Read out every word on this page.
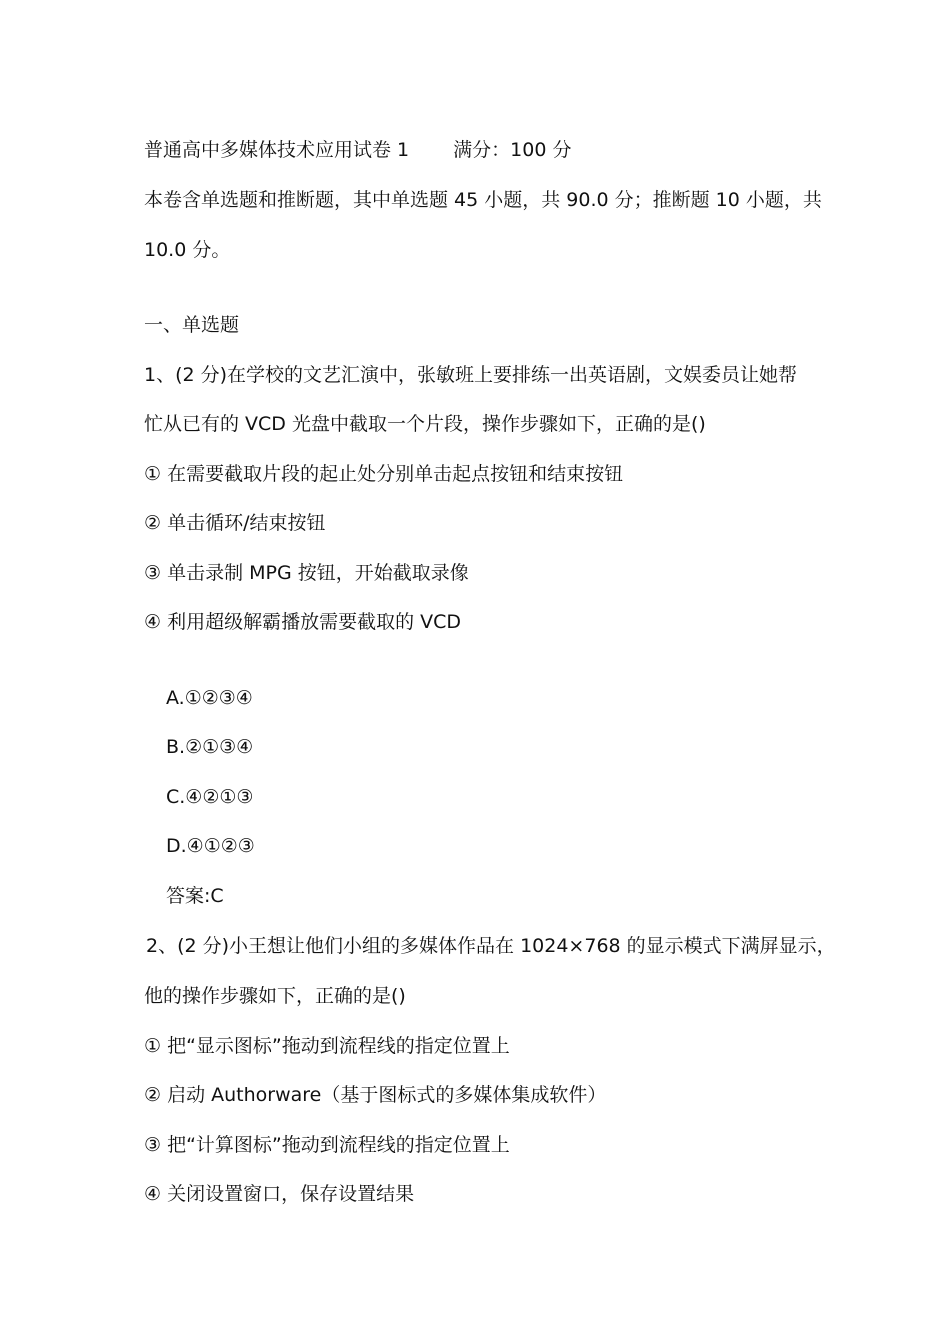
普通高中多媒体技术应用试卷 1 满分：100 分
本卷含单选题和推断题，其中单选题 45 小题，共 90.0 分；推断题 10 小题，共
10.0 分。
一、单选题
1、(2 分)在学校的文艺汇演中，张敏班上要排练一出英语剧，文娱委员让她帮
忙从已有的 VCD 光盘中截取一个片段，操作步骤如下，正确的是()
① 在需要截取片段的起止处分别单击起点按钮和结束按钮
② 单击循环/结束按钮
③ 单击录制 MPG 按钮，开始截取录像
④ 利用超级解霸播放需要截取的 VCD
A.①②③④
B.②①③④
C.④②①③
D.④①②③
答案:C
2、(2 分)小王想让他们小组的多媒体作品在 1024×768 的显示模式下满屏显示，
他的操作步骤如下，正确的是()
① 把“显示图标”拖动到流程线的指定位置上
② 启动 Authorware（基于图标式的多媒体集成软件）
③ 把“计算图标”拖动到流程线的指定位置上
④ 关闭设置窗口，保存设置结果
